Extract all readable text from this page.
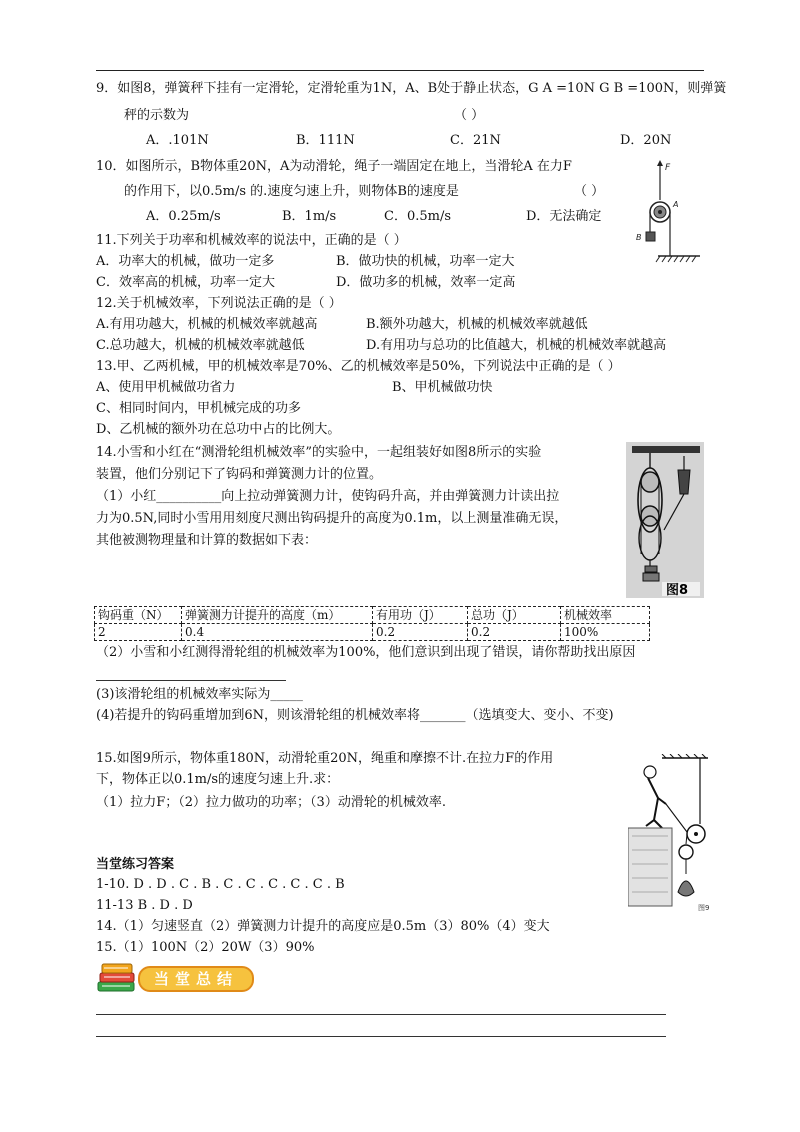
9．如图8，弹簧秤下挂有一定滑轮，定滑轮重为1N，A、B处于静止状态，G A =10N G B =100N，则弹簧
秤的示数为	（ ）
A．.101N	B．111N	C．21N	D．20N
10．如图所示，B物体重20N，A为动滑轮，绳子一端固定在地上，当滑轮A 在力F
的作用下，以0.5m/s 的.速度匀速上升，则物体B的速度是	（ ）
A．0.25m/s	B．1m/s	C．0.5m/s	D．无法确定
F
A
B
11.下列关于功率和机械效率的说法中，正确的是（ ）
A．功率大的机械，做功一定多	B．做功快的机械，功率一定大
C．效率高的机械，功率一定大	D．做功多的机械，效率一定高
12.关于机械效率，下列说法正确的是（ ）
A.有用功越大，机械的机械效率就越高	B.额外功越大，机械的机械效率就越低
C.总功越大，机械的机械效率就越低	D.有用功与总功的比值越大，机械的机械效率就越高
13.甲、乙两机械，甲的机械效率是70%、乙的机械效率是50%，下列说法中正确的是（ ）
A、使用甲机械做功省力	B、甲机械做功快
C、相同时间内，甲机械完成的功多
D、乙机械的额外功在总功中占的比例大。
14.小雪和小红在“测滑轮组机械效率”的实验中，一起组装好如图8所示的实验
装置，他们分别记下了钩码和弹簧测力计的位置。
（1）小红__________向上拉动弹簧测力计，使钩码升高，并由弹簧测力计读出拉
力为0.5N,同时小雪用用刻度尺测出钩码提升的高度为0.1m，以上测量准确无误，
其他被测物理量和计算的数据如下表：
图8
钩码重（N）	弹簧测力计提升的高度（m）	有用功（J）	总功（J）	机械效率
2	0.4	0.2	0.2	100%
（2）小雪和小红测得滑轮组的机械效率为100%，他们意识到出现了错误，请你帮助找出原因
(3)该滑轮组的机械效率实际为_____
(4)若提升的钩码重增加到6N，则该滑轮组的机械效率将_______（选填变大、变小、不变)
15.如图9所示，物体重180N，动滑轮重20N，绳重和摩擦不计.在拉力F的作用
下，物体正以0.1m/s的速度匀速上升.求：
（1）拉力F；（2）拉力做功的功率；（3）动滑轮的机械效率.
图9
当堂练习答案
1-10. D . D . C . B . C . C . C . C . C . B
11-13 B . D . D
14.（1）匀速竖直（2）弹簧测力计提升的高度应是0.5m（3）80%（4）变大
15.（1）100N（2）20W（3）90%
当堂总结
